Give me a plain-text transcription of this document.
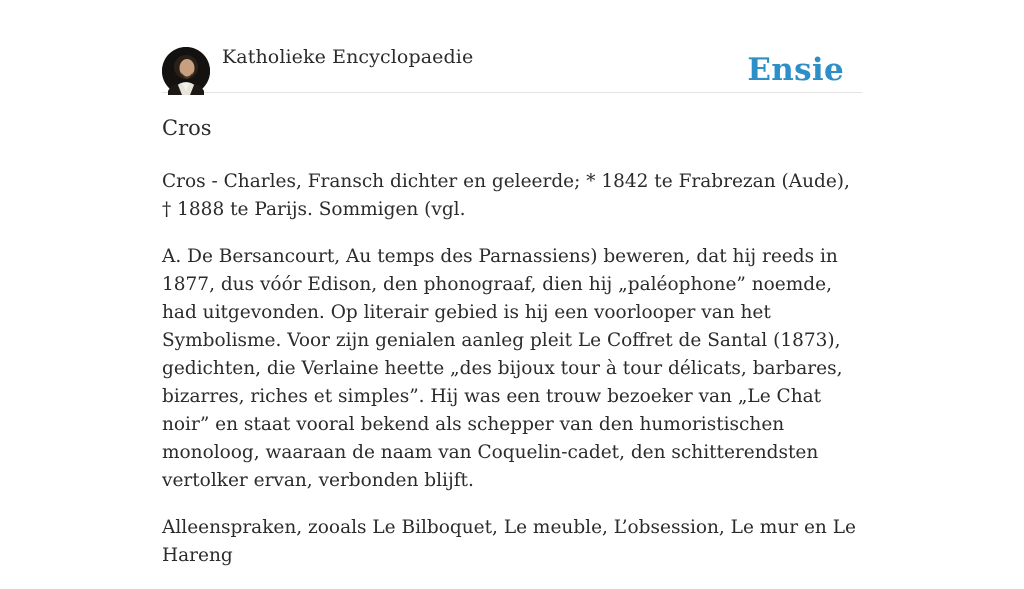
Katholieke Encyclopaedie	Ensie
Cros

Cros - Charles, Fransch dichter en geleerde; * 1842 te Frabrezan (Aude), † 1888 te Parijs. Sommigen (vgl.

A. De Bersancourt, Au temps des Parnassiens) beweren, dat hij reeds in 1877, dus vóór Edison, den phonograaf, dien hij „paléophone” noemde, had uitgevonden. Op literair gebied is hij een voorlooper van het Symbolisme. Voor zijn genialen aanleg pleit Le Coffret de Santal (1873), gedichten, die Verlaine heette „des bijoux tour à tour délicats, barbares, bizarres, riches et simples”. Hij was een trouw bezoeker van „Le Chat noir” en staat vooral bekend als schepper van den humoristischen monoloog, waaraan de naam van Coquelin-cadet, den schitterendsten vertolker ervan, verbonden blijft.

Alleenspraken, zooals Le Bilboquet, Le meuble, L’obsession, Le mur en Le Hareng
